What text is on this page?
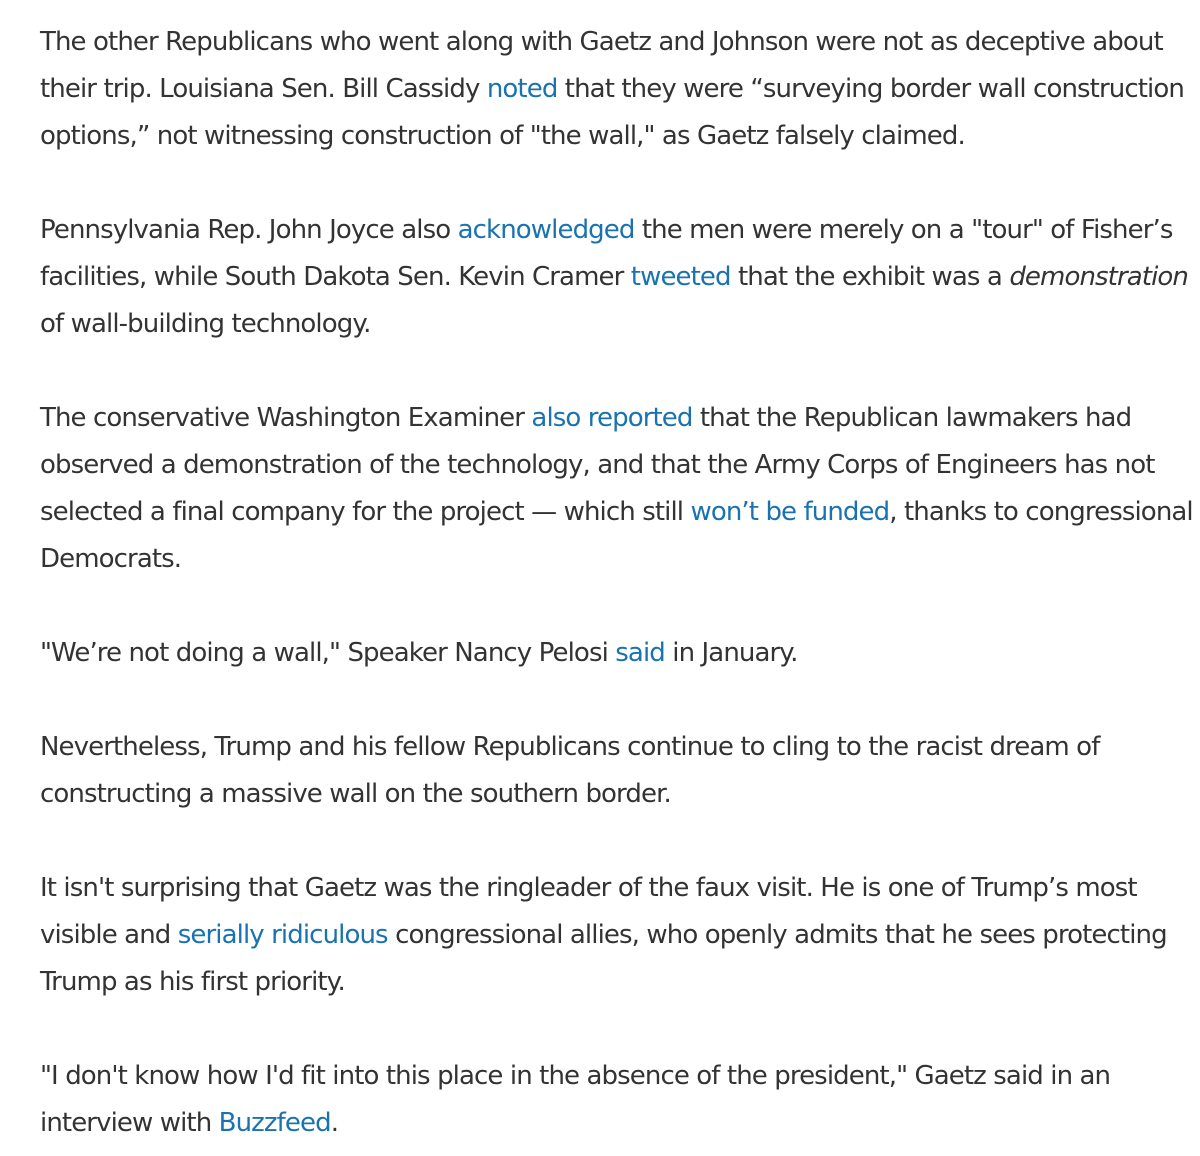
The other Republicans who went along with Gaetz and Johnson were not as deceptive about their trip. Louisiana Sen. Bill Cassidy noted that they were “surveying border wall construction options,” not witnessing construction of "the wall," as Gaetz falsely claimed.

Pennsylvania Rep. John Joyce also acknowledged the men were merely on a "tour" of Fisher’s facilities, while South Dakota Sen. Kevin Cramer tweeted that the exhibit was a demonstration of wall-building technology.

The conservative Washington Examiner also reported that the Republican lawmakers had observed a demonstration of the technology, and that the Army Corps of Engineers has not selected a final company for the project — which still won’t be funded, thanks to congressional Democrats.

"We’re not doing a wall," Speaker Nancy Pelosi said in January.

Nevertheless, Trump and his fellow Republicans continue to cling to the racist dream of constructing a massive wall on the southern border.

It isn't surprising that Gaetz was the ringleader of the faux visit. He is one of Trump’s most visible and serially ridiculous congressional allies, who openly admits that he sees protecting Trump as his first priority.

"I don't know how I'd fit into this place in the absence of the president," Gaetz said in an interview with Buzzfeed.
